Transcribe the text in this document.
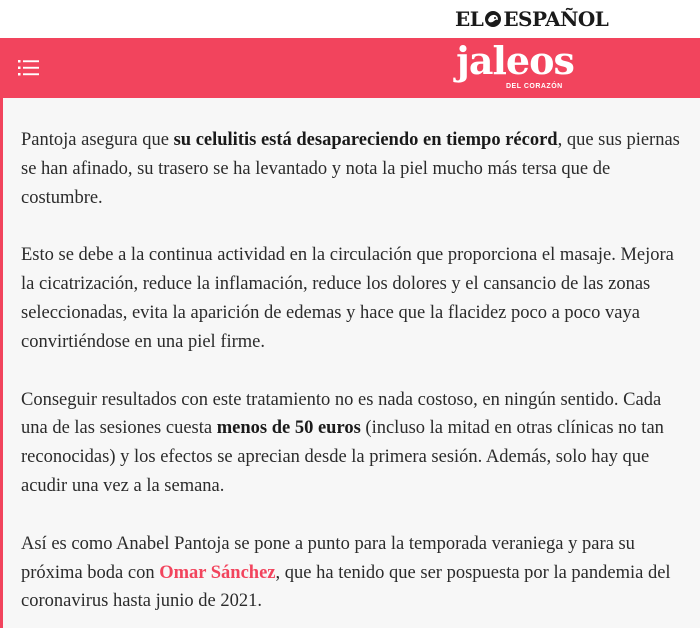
EL ESPAÑOL
jaleos
DEL CORAZÓN

Pantoja asegura que su celulitis está desapareciendo en tiempo récord, que sus piernas se han afinado, su trasero se ha levantado y nota la piel mucho más tersa que de costumbre.

Esto se debe a la continua actividad en la circulación que proporciona el masaje. Mejora la cicatrización, reduce la inflamación, reduce los dolores y el cansancio de las zonas seleccionadas, evita la aparición de edemas y hace que la flacidez poco a poco vaya convirtiéndose en una piel firme.

Conseguir resultados con este tratamiento no es nada costoso, en ningún sentido. Cada una de las sesiones cuesta menos de 50 euros (incluso la mitad en otras clínicas no tan reconocidas) y los efectos se aprecian desde la primera sesión. Además, solo hay que acudir una vez a la semana.

Así es como Anabel Pantoja se pone a punto para la temporada veraniega y para su próxima boda con Omar Sánchez, que ha tenido que ser pospuesta por la pandemia del coronavirus hasta junio de 2021.
